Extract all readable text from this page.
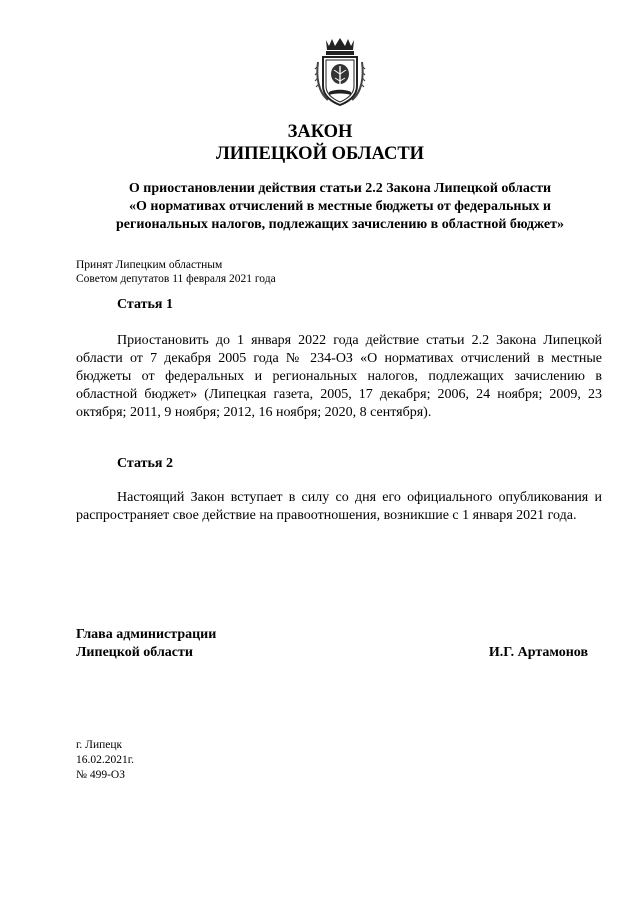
ЗАКОН
ЛИПЕЦКОЙ ОБЛАСТИ
О приостановлении действия статьи 2.2 Закона Липецкой области
«О нормативах отчислений в местные бюджеты от федеральных и
региональных налогов, подлежащих зачислению в областной бюджет»
Принят Липецким областным
Советом депутатов 11 февраля 2021 года
Статья 1

Приостановить до 1 января 2022 года действие статьи 2.2 Закона Липецкой области от 7 декабря 2005 года № 234-ОЗ «О нормативах отчислений в местные бюджеты от федеральных и региональных налогов, подлежащих зачислению в областной бюджет» (Липецкая газета, 2005, 17 декабря; 2006, 24 ноября; 2009, 23 октября; 2011, 9 ноября; 2012, 16 ноября; 2020, 8 сентября).

Статья 2

Настоящий Закон вступает в силу со дня его официального опубликования и распространяет свое действие на правоотношения, возникшие с 1 января 2021 года.

Глава администрации
Липецкой области	И.Г. Артамонов
г. Липецк
16.02.2021г.
№ 499-ОЗ
